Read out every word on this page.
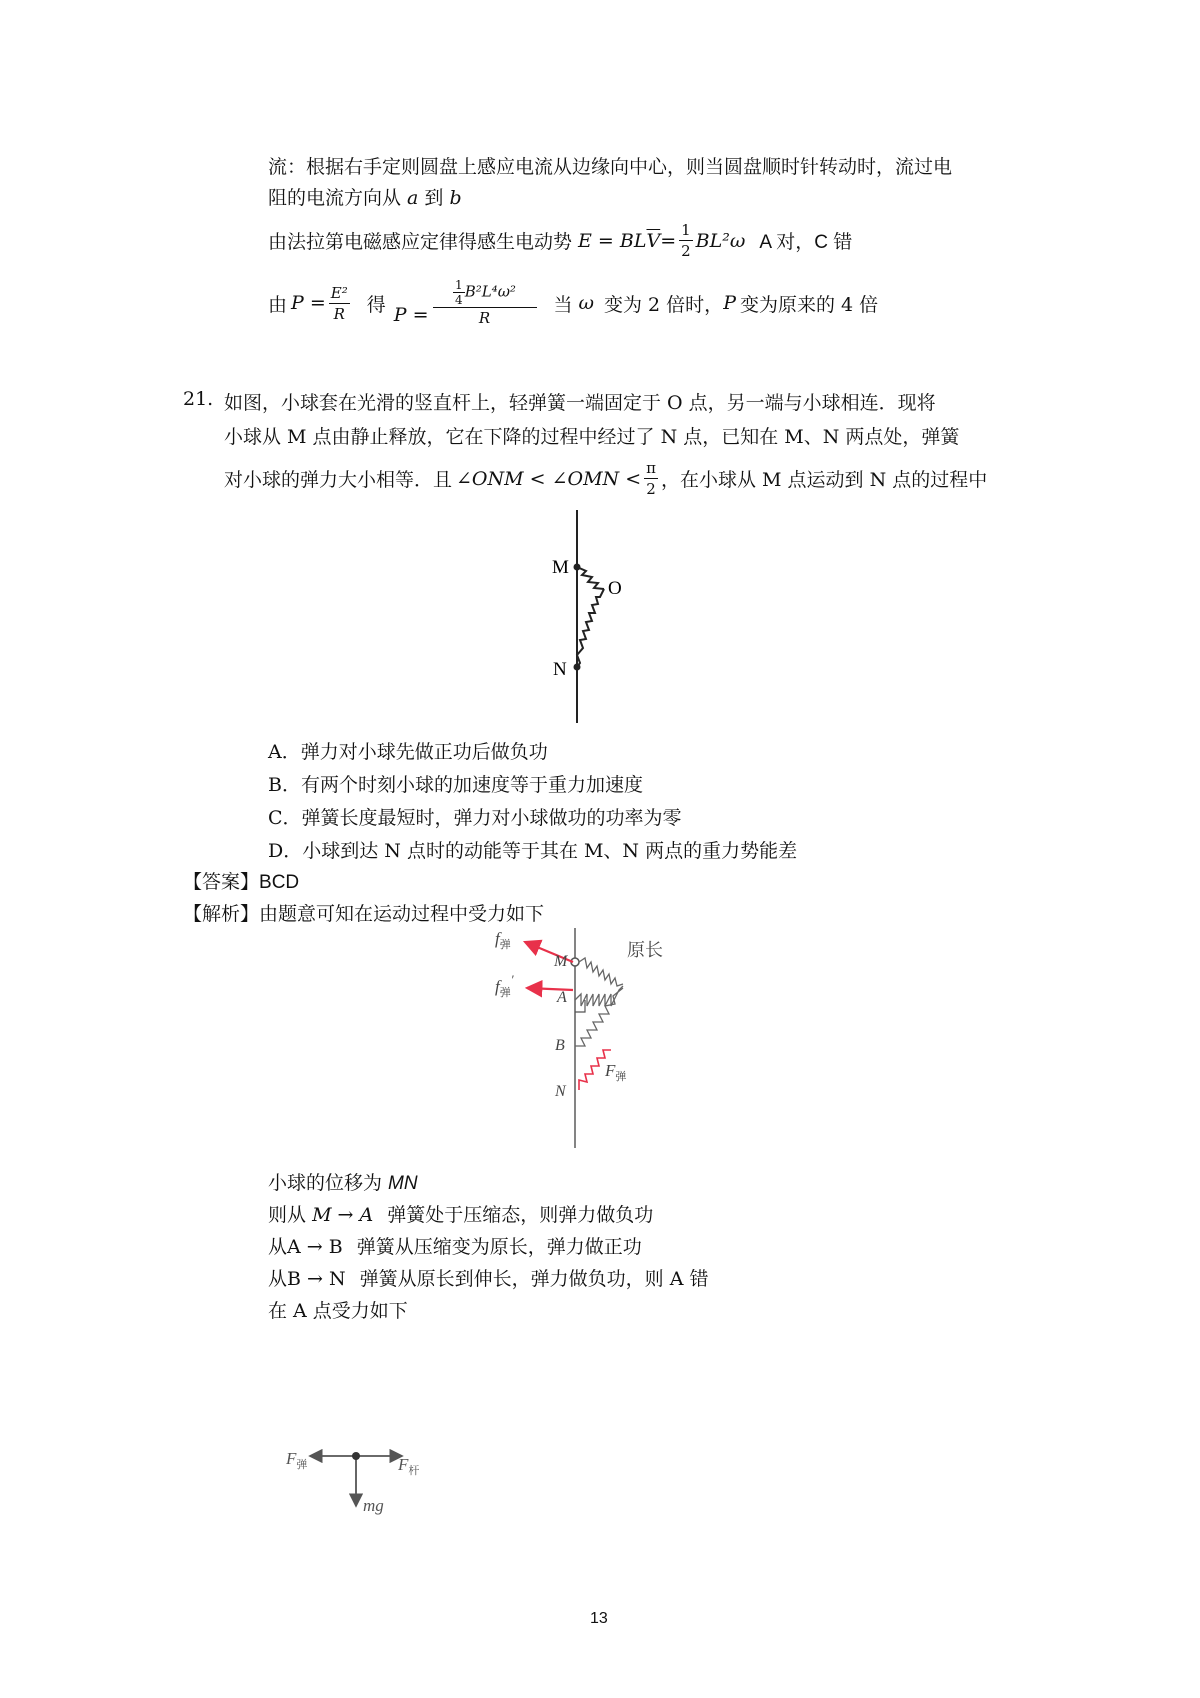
流：根据右手定则圆盘上感应电流从边缘向中心，则当圆盘顺时针转动时，流过电
阻的电流方向从 a 到 b
由法拉第电磁感应定律得感生电动势 E = BL $\overline{V} = \frac{1}{2} BL^2\omega$ A 对，C 错
由 $P = \frac{\text{E²}}{R}$ 得 $P = \frac{\frac{1}{4} B^2L^4\omega^2}{R}$ 当 ω 变为 2 倍时， P 变为原来的 4 倍
21. 如图，小球套在光滑的竖直杆上，轻弹簧一端固定于 O 点，另一端与小球相连．现将
小球从 M 点由静止释放，它在下降的过程中经过了 N 点，已知在 M、N 两点处，弹簧
对小球的弹力大小相等．且 ∠ONM < ∠OMN < $\frac{\pi}{2}$ ，在小球从 M 点运动到 N 点的过程中
M
O
N
A．弹力对小球先做正功后做负功
B．有两个时刻小球的加速度等于重力加速度
C．弹簧长度最短时，弹力对小球做功的功率为零
D．小球到达 N 点时的动能等于其在 M、N 两点的重力势能差
【答案】BCD
【解析】由题意可知在运动过程中受力如下
$f_弹$
$f_弹'$
M
A
B
N
原长
$F_弹$
小球的位移为 MN
则从 M → A 弹簧处于压缩态，则弹力做负功
从A → B 弹簧从压缩变为原长，弹力做正功
从B → N 弹簧从原长到伸长，弹力做负功，则 A 错
在 A 点受力如下
$F_弹$	$F_杆$
mg
13
